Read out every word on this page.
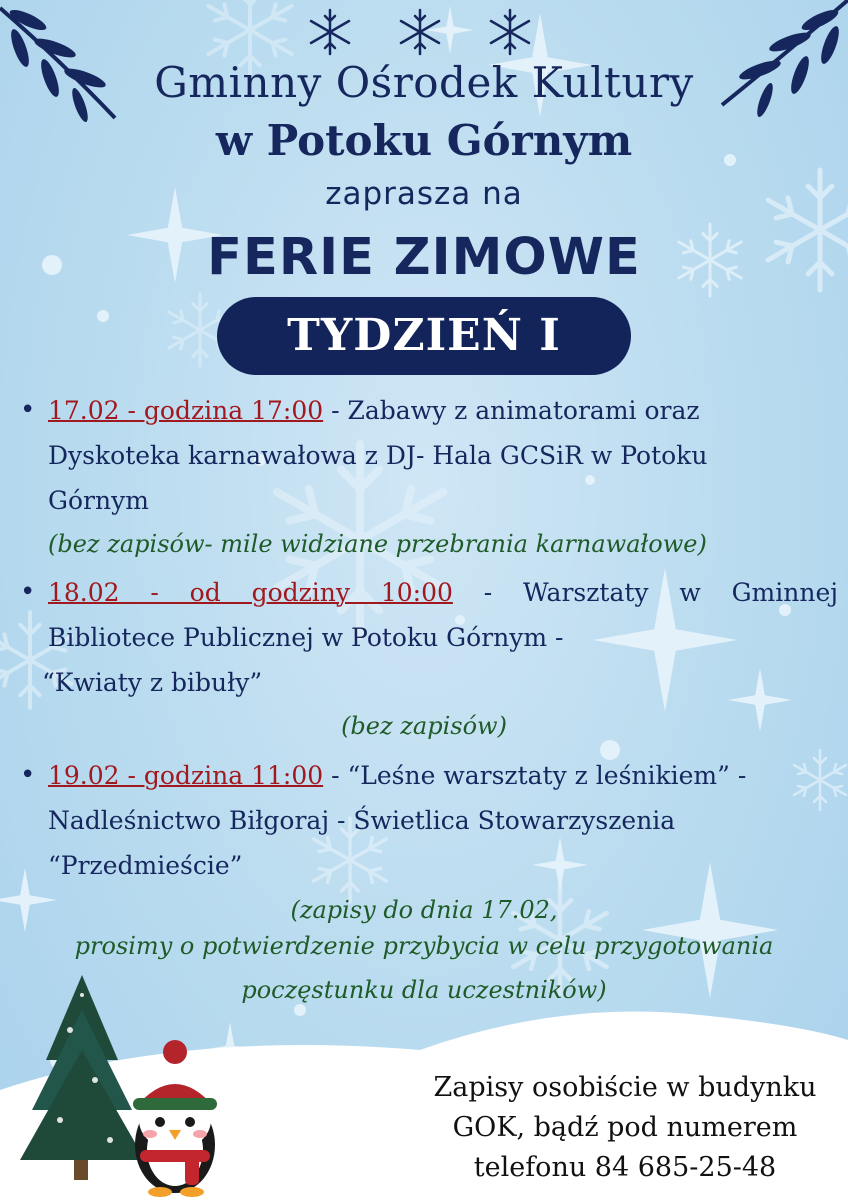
Gminny Ośrodek Kultury
w Potoku Górnym

zaprasza na

FERIE ZIMOWE

TYDZIEŃ I
• 17.02 - godzina 17:00 - Zabawy z animatorami oraz
Dyskoteka karnawałowa z DJ- Hala GCSiR w Potoku
Górnym

(bez zapisów- mile widziane przebrania karnawałowe)

• 18.02 - od godziny 10:00 - Warsztaty w Gminnej
Bibliotece Publicznej w Potoku Górnym -
“Kwiaty z bibuły”

(bez zapisów)

• 19.02 - godzina 11:00 - “Leśne warsztaty z leśnikiem” -
Nadleśnictwo Biłgoraj - Świetlica Stowarzyszenia
“Przedmieście”

(zapisy do dnia 17.02,

prosimy o potwierdzenie przybycia w celu przygotowania

poczęstunku dla uczestników)

Zapisy osobiście w budynku
GOK, bądź pod numerem
telefonu 84 685-25-48
